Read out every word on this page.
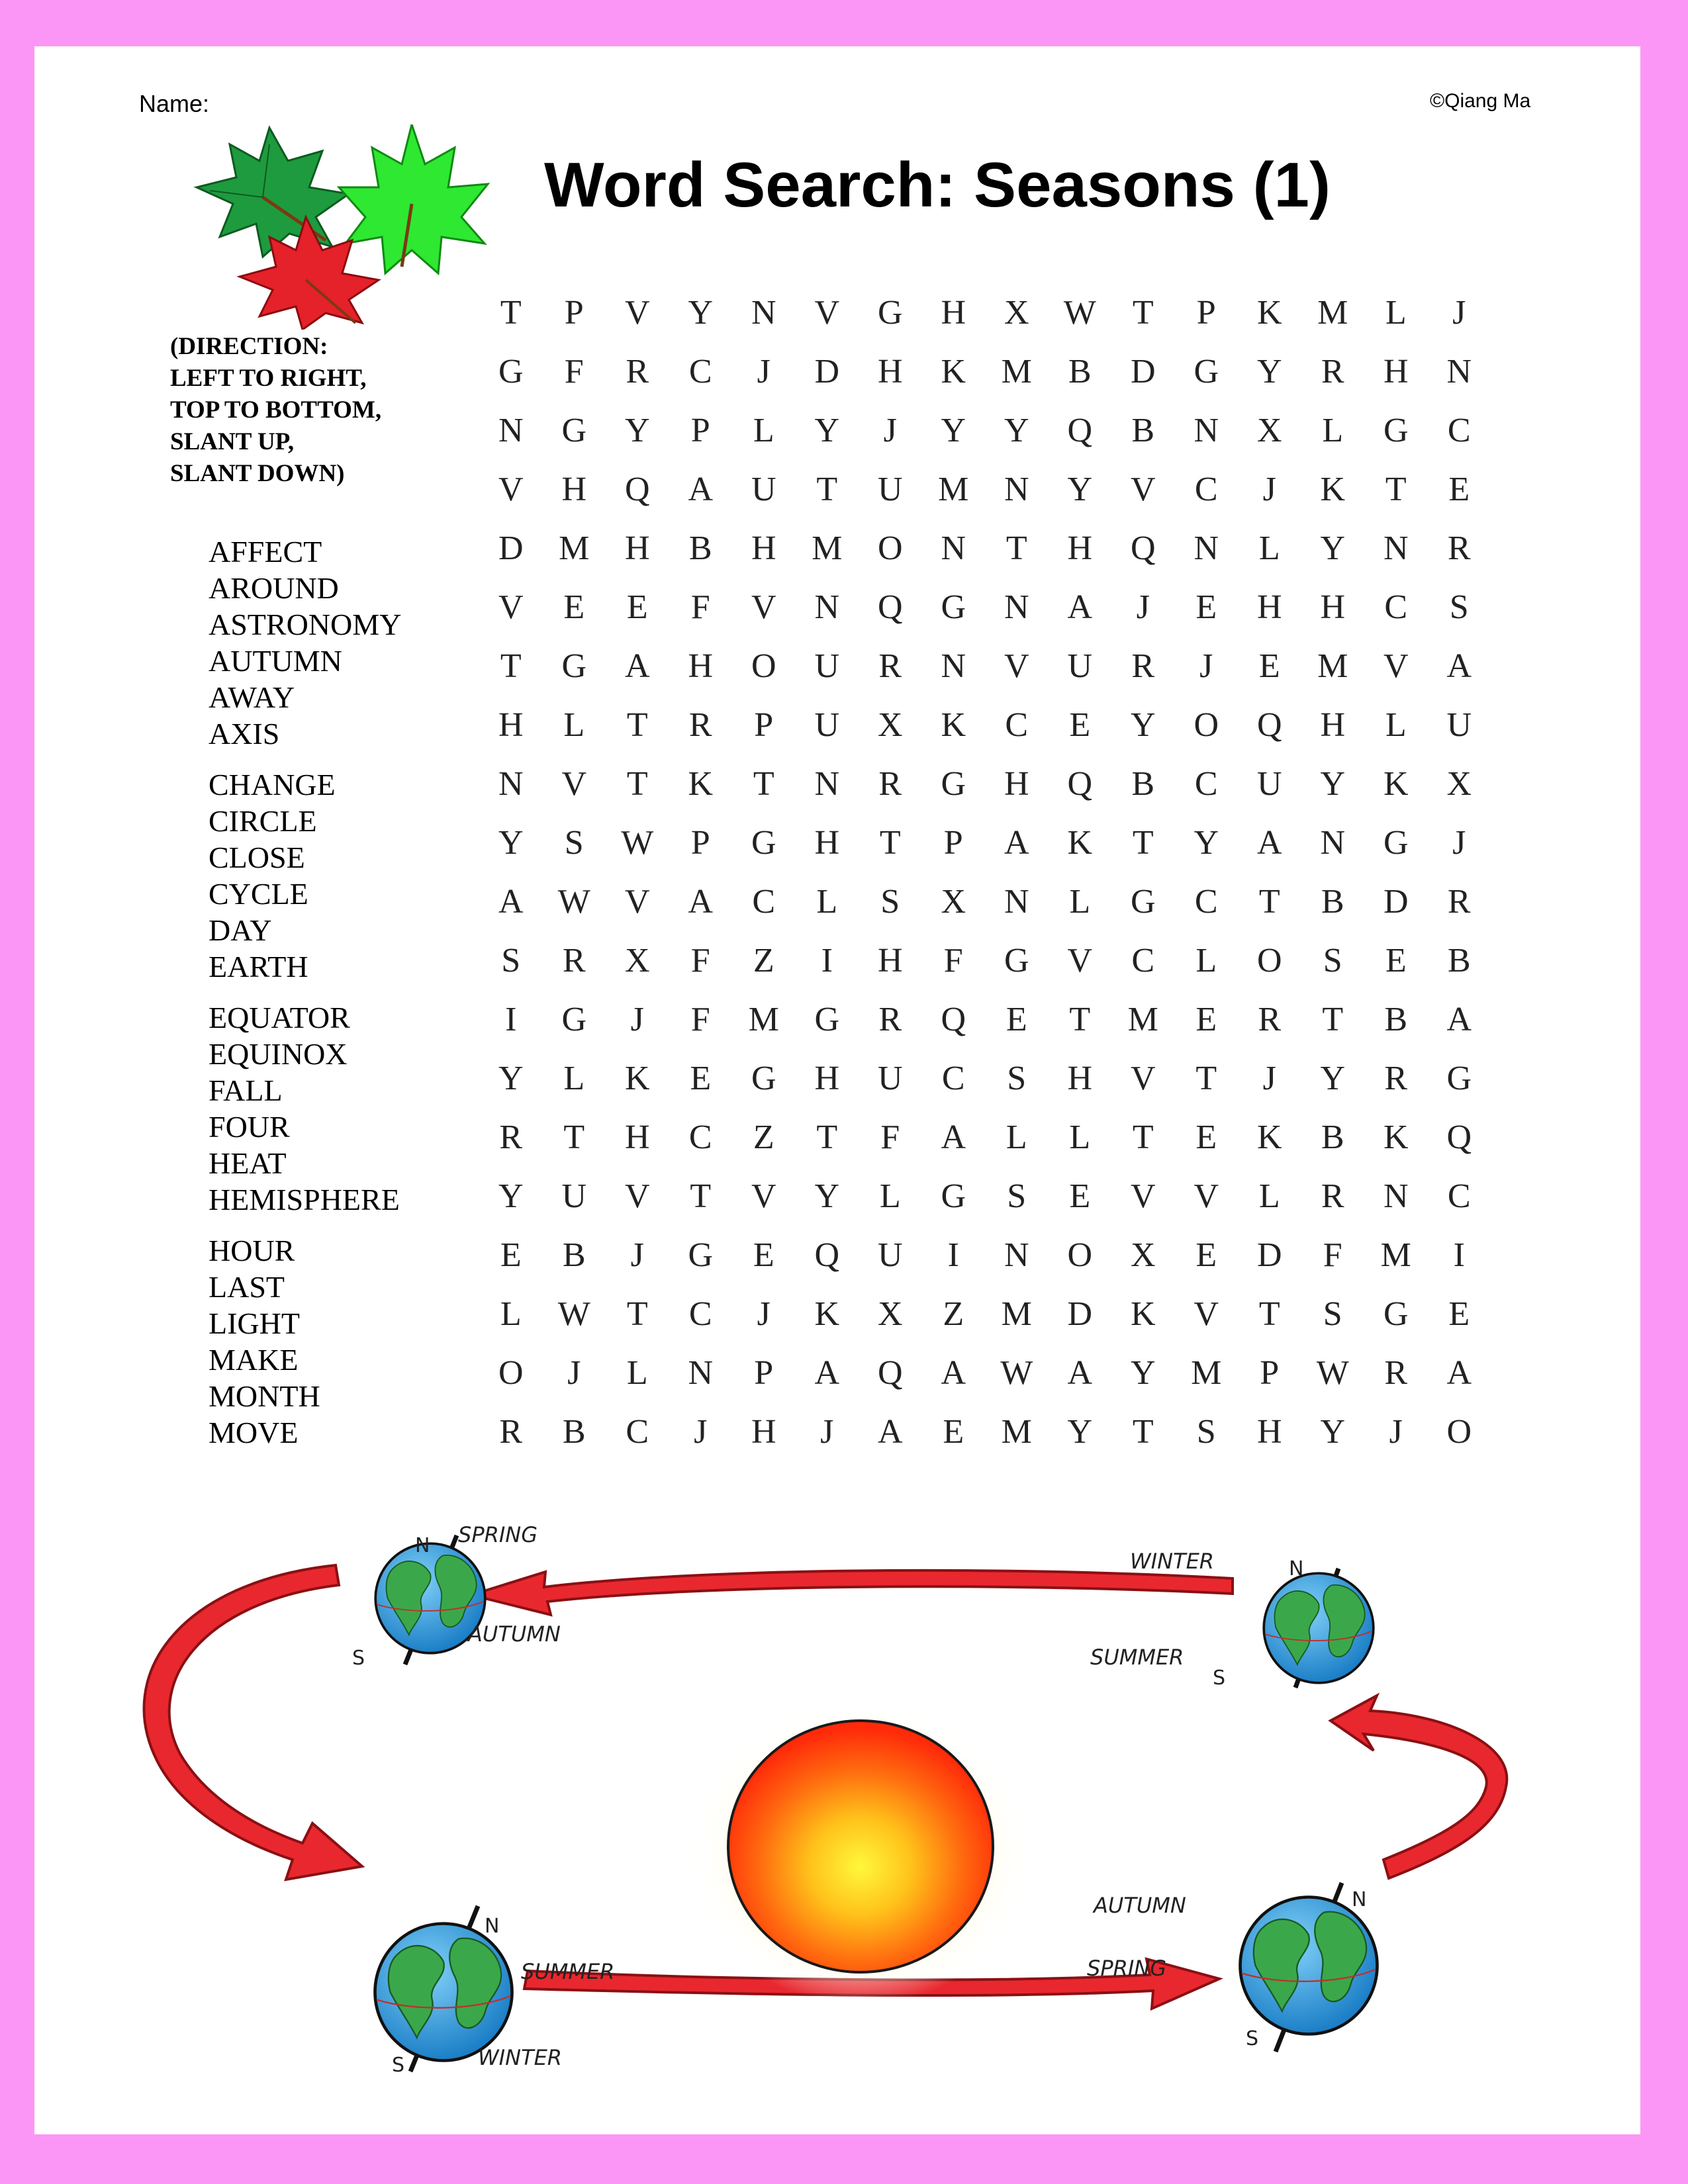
Name:	©Qiang Ma
Word Search: Seasons (1)
(DIRECTION:
LEFT TO RIGHT,
TOP TO BOTTOM,
SLANT UP,
SLANT DOWN)
AFFECT
AROUND
ASTRONOMY
AUTUMN
AWAY
AXIS
CHANGE
CIRCLE
CLOSE
CYCLE
DAY
EARTH
EQUATOR
EQUINOX
FALL
FOUR
HEAT
HEMISPHERE
HOUR
LAST
LIGHT
MAKE
MONTH
MOVE
T	P	V	Y	N	V	G	H	X	W	T	P	K	M	L	J
G	F	R	C	J	D	H	K	M	B	D	G	Y	R	H	N
N	G	Y	P	L	Y	J	Y	Y	Q	B	N	X	L	G	C
V	H	Q	A	U	T	U	M	N	Y	V	C	J	K	T	E
D	M	H	B	H	M	O	N	T	H	Q	N	L	Y	N	R
V	E	E	F	V	N	Q	G	N	A	J	E	H	H	C	S
T	G	A	H	O	U	R	N	V	U	R	J	E	M	V	A
H	L	T	R	P	U	X	K	C	E	Y	O	Q	H	L	U
N	V	T	K	T	N	R	G	H	Q	B	C	U	Y	K	X
Y	S	W	P	G	H	T	P	A	K	T	Y	A	N	G	J
A	W	V	A	C	L	S	X	N	L	G	C	T	B	D	R
S	R	X	F	Z	I	H	F	G	V	C	L	O	S	E	B
I	G	J	F	M	G	R	Q	E	T	M	E	R	T	B	A
Y	L	K	E	G	H	U	C	S	H	V	T	J	Y	R	G
R	T	H	C	Z	T	F	A	L	L	T	E	K	B	K	Q
Y	U	V	T	V	Y	L	G	S	E	V	V	L	R	N	C
E	B	J	G	E	Q	U	I	N	O	X	E	D	F	M	I
L	W	T	C	J	K	X	Z	M	D	K	V	T	S	G	E
O	J	L	N	P	A	Q	A	W	A	Y	M	P	W	R	A
R	B	C	J	H	J	A	E	M	Y	T	S	H	Y	J	O
N
S
SPRING
AUTUMN
N
S
WINTER
SUMMER
N
S
SUMMER
WINTER
N
S
AUTUMN
SPRING
